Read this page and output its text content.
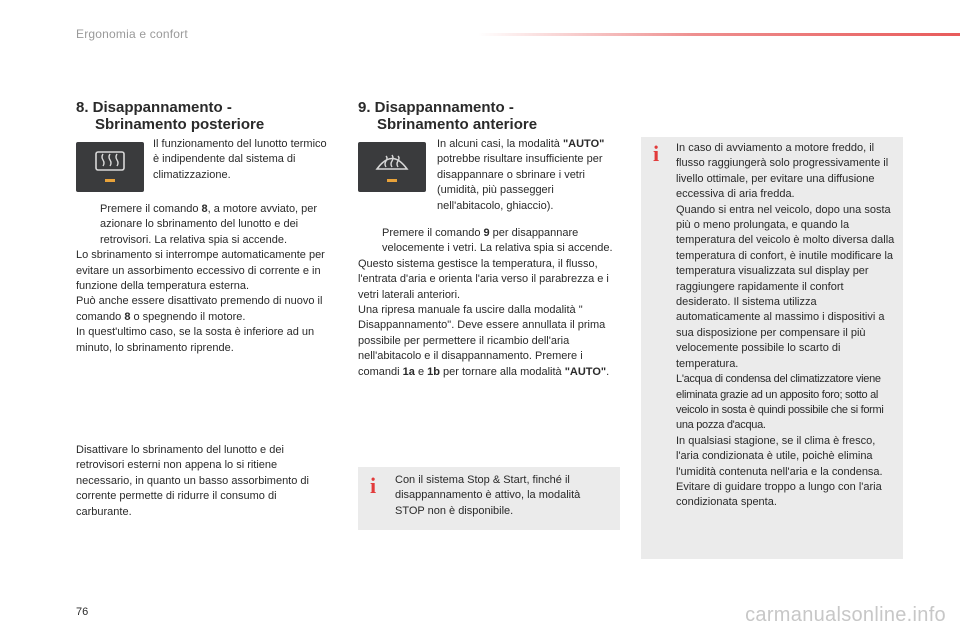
Ergonomia e confort
8. Disappannamento -
Sbrinamento posteriore
Il funzionamento del lunotto termico è indipendente dal sistema di climatizzazione.
Premere il comando 8, a motore avviato, per azionare lo sbrinamento del lunotto e dei retrovisori. La relativa spia si accende.

Lo sbrinamento si interrompe automaticamente per evitare un assorbimento eccessivo di corrente e in funzione della temperatura esterna.

Può anche essere disattivato premendo di nuovo il comando 8 o spegnendo il motore.

In quest'ultimo caso, se la sosta è inferiore ad un minuto, lo sbrinamento riprende.

Disattivare lo sbrinamento del lunotto e dei retrovisori esterni non appena lo si ritiene necessario, in quanto un basso assorbimento di corrente permette di ridurre il consumo di carburante.
9. Disappannamento -
Sbrinamento anteriore
In alcuni casi, la modalità "AUTO" potrebbe risultare insufficiente per disappannare o sbrinare i vetri (umidità, più passeggeri nell'abitacolo, ghiaccio).
Premere il comando 9 per disappannare velocemente i vetri. La relativa spia si accende.

Questo sistema gestisce la temperatura, il flusso, l'entrata d'aria e orienta l'aria verso il parabrezza e i vetri laterali anteriori.

Una ripresa manuale fa uscire dalla modalità " Disappannamento". Deve essere annullata il prima possibile per permettere il ricambio dell'aria nell'abitacolo e il disappannamento. Premere i comandi 1a e 1b per tornare alla modalità "AUTO".

i Con il sistema Stop & Start, finché il disappannamento è attivo, la modalità STOP non è disponibile.
i In caso di avviamento a motore freddo, il flusso raggiungerà solo progressivamente il livello ottimale, per evitare una diffusione eccessiva di aria fredda.

Quando si entra nel veicolo, dopo una sosta più o meno prolungata, e quando la temperatura del veicolo è molto diversa dalla temperatura di confort, è inutile modificare la temperatura visualizzata sul display per raggiungere rapidamente il confort desiderato. Il sistema utilizza automaticamente al massimo i dispositivi a sua disposizione per compensare il più velocemente possibile lo scarto di temperatura.

L'acqua di condensa del climatizzatore viene eliminata grazie ad un apposito foro; sotto al veicolo in sosta è quindi possibile che si formi una pozza d'acqua.

In qualsiasi stagione, se il clima è fresco, l'aria condizionata è utile, poichè elimina l'umidità contenuta nell'aria e la condensa. Evitare di guidare troppo a lungo con l'aria condizionata spenta.

76	carmanualsonline.info
